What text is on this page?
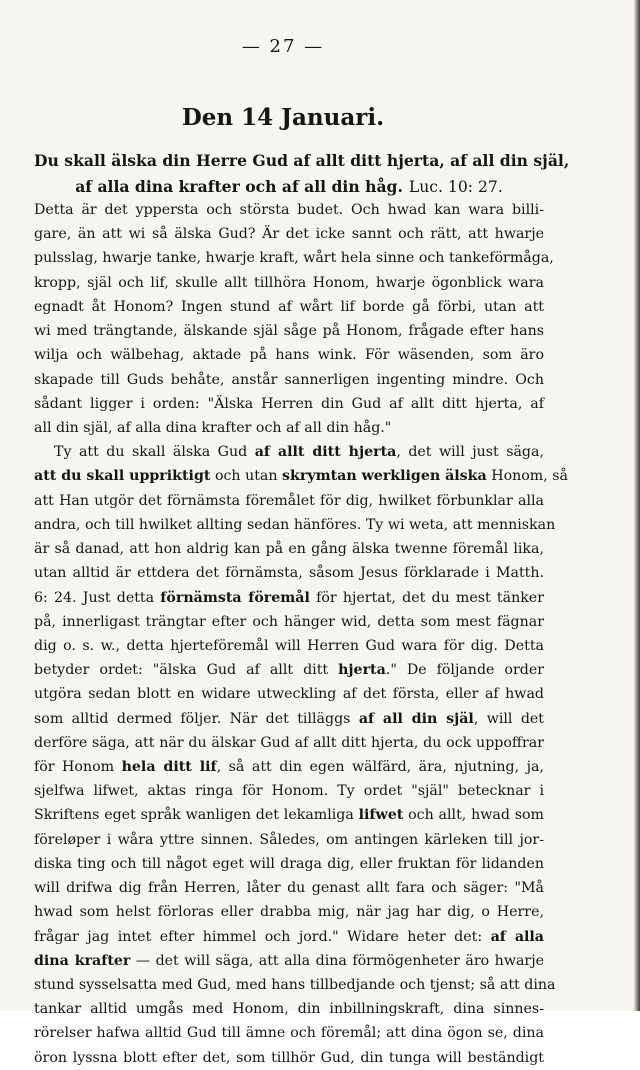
— 27 —
Den 14 Januari.
Du skall älska din Herre Gud af allt ditt hjerta, af all din själ,
af alla dina krafter och af all din håg. Luc. 10: 27.
Detta är det yppersta och största budet. Och hwad kan wara billi-
gare, än att wi så älska Gud? Är det icke sannt och rätt, att hwarje
pulsslag, hwarje tanke, hwarje kraft, wårt hela sinne och tankeförmåga,
kropp, själ och lif, skulle allt tillhöra Honom, hwarje ögonblick wara
egnadt åt Honom? Ingen stund af wårt lif borde gå förbi, utan att
wi med trängtande, älskande själ såge på Honom, frågade efter hans
wilja och wälbehag, aktade på hans wink. För wäsenden, som äro
skapade till Guds behåte, anstår sannerligen ingenting mindre. Och
sådant ligger i orden: "Älska Herren din Gud af allt ditt hjerta, af
all din själ, af alla dina krafter och af all din håg."
Ty att du skall älska Gud af allt ditt hjerta, det will just säga,
att du skall uppriktigt och utan skrymtan werkligen älska Honom, så
att Han utgör det förnämsta föremålet för dig, hwilket förbunklar alla
andra, och till hwilket allting sedan hänföres. Ty wi weta, att menniskan
är så danad, att hon aldrig kan på en gång älska twenne föremål lika,
utan alltid är ettdera det förnämsta, såsom Jesus förklarade i Matth.
6: 24. Just detta förnämsta föremål för hjertat, det du mest tänker
på, innerligast trängtar efter och hänger wid, detta som mest fägnar
dig o. s. w., detta hjerteföremål will Herren Gud wara för dig. Detta
betyder ordet: "älska Gud af allt ditt hjerta." De följande order
utgöra sedan blott en widare utweckling af det första, eller af hwad
som alltid dermed följer. När det tilläggs af all din själ, will det
derföre säga, att när du älskar Gud af allt ditt hjerta, du ock uppoffrar
för Honom hela ditt lif, så att din egen wälfärd, ära, njutning, ja,
sjelfwa lifwet, aktas ringa för Honom. Ty ordet "själ" betecknar i
Skriftens eget språk wanligen det lekamliga lifwet och allt, hwad som
föreløper i wåra yttre sinnen. Således, om antingen kärleken till jor-
diska ting och till något eget will draga dig, eller fruktan för lidanden
will drifwa dig från Herren, låter du genast allt fara och säger: "Må
hwad som helst förloras eller drabba mig, när jag har dig, o Herre,
frågar jag intet efter himmel och jord." Widare heter det: af alla
dina krafter — det will säga, att alla dina förmögenheter äro hwarje
stund sysselsatta med Gud, med hans tillbedjande och tjenst; så att dina
tankar alltid umgås med Honom, din inbillningskraft, dina sinnes-
rörelser hafwa alltid Gud till ämne och föremål; att dina ögon se, dina
öron lyssna blott efter det, som tillhör Gud, din tunga will beständigt
